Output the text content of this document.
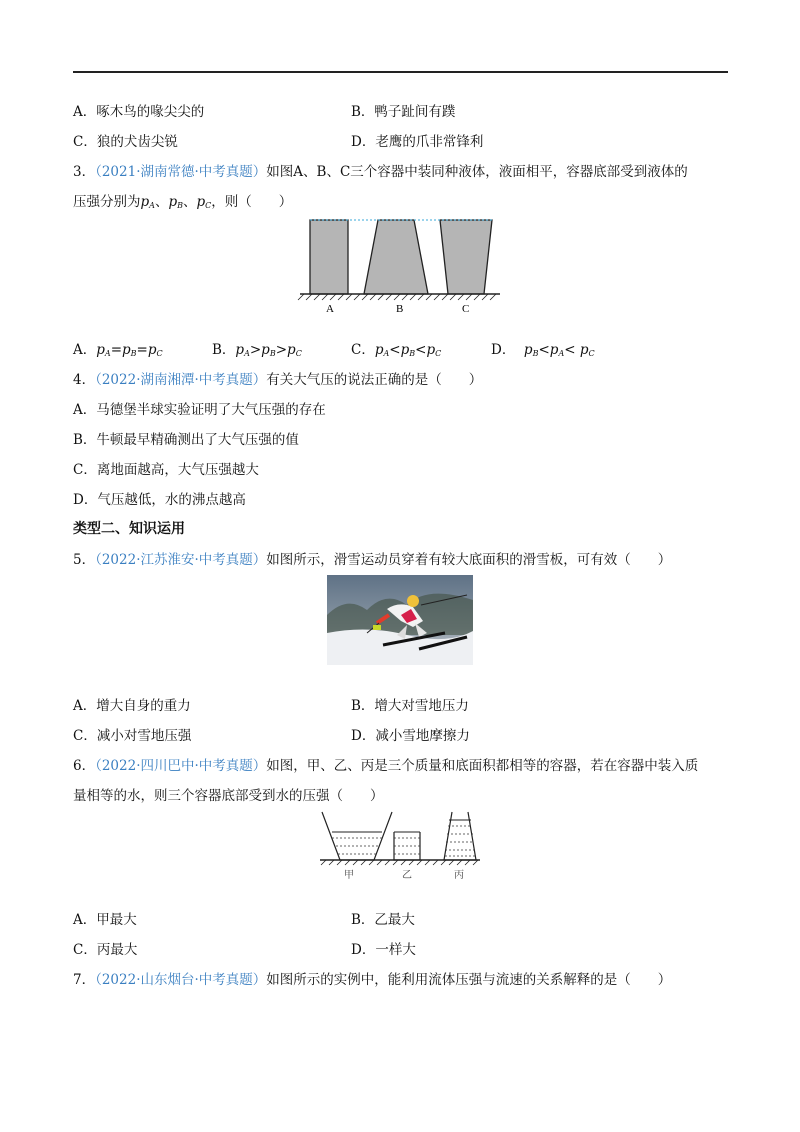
A．啄木鸟的喙尖尖的	B．鸭子趾间有蹼
C．狼的犬齿尖锐	D．老鹰的爪非常锋利
3．（2021·湖南常德·中考真题）如图A、B、C三个容器中装同种液体，液面相平，容器底部受到液体的
压强分别为$p_A$、$p_B$、$p_C$，则（　　）
A	B	C
A．$p_A=p_B=p_C$	B．$p_A>p_B>p_C$	C．$p_A<p_B<p_C$	D． $p_B<p_A< p_C$
4．（2022·湖南湘潭·中考真题）有关大气压的说法正确的是（　　）
A．马德堡半球实验证明了大气压强的存在
B．牛顿最早精确测出了大气压强的值
C．离地面越高，大气压强越大
D．气压越低，水的沸点越高
类型二、知识运用
5．（2022·江苏淮安·中考真题）如图所示，滑雪运动员穿着有较大底面积的滑雪板，可有效（　　）
A．增大自身的重力	B．增大对雪地压力
C．减小对雪地压强	D．减小雪地摩擦力
6．（2022·四川巴中·中考真题）如图，甲、乙、丙是三个质量和底面积都相等的容器，若在容器中装入质
量相等的水，则三个容器底部受到水的压强（　　）
甲	乙	丙
A．甲最大	B．乙最大
C．丙最大	D．一样大
7．（2022·山东烟台·中考真题）如图所示的实例中，能利用流体压强与流速的关系解释的是（　　）
